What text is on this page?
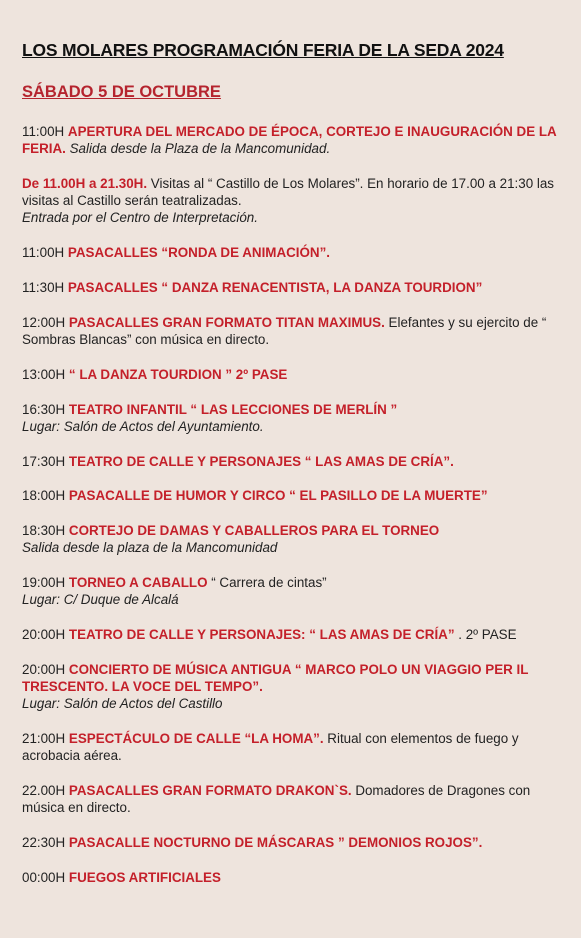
LOS MOLARES PROGRAMACIÓN FERIA DE LA SEDA 2024
SÁBADO 5 DE OCTUBRE
11:00H APERTURA DEL MERCADO DE ÉPOCA, CORTEJO E INAUGURACIÓN DE LA FERIA. Salida desde la Plaza de la Mancomunidad.
De 11.00H a 21.30H. Visitas al “ Castillo de Los Molares”. En horario de 17.00 a 21:30 las visitas al Castillo serán teatralizadas.
Entrada por el Centro de Interpretación.
11:00H PASACALLES “RONDA DE ANIMACIÓN”.
11:30H PASACALLES “ DANZA RENACENTISTA, LA DANZA TOURDION”
12:00H PASACALLES GRAN FORMATO TITAN MAXIMUS. Elefantes y su ejercito de “ Sombras Blancas” con música en directo.
13:00H “ LA DANZA TOURDION ” 2º PASE
16:30H TEATRO INFANTIL “ LAS LECCIONES DE MERLÍN ”
Lugar: Salón de Actos del Ayuntamiento.
17:30H TEATRO DE CALLE Y PERSONAJES “ LAS AMAS DE CRÍA”.
18:00H PASACALLE DE HUMOR Y CIRCO “ EL PASILLO DE LA MUERTE”
18:30H CORTEJO DE DAMAS Y CABALLEROS PARA EL TORNEO
Salida desde la plaza de la Mancomunidad
19:00H TORNEO A CABALLO “ Carrera de cintas”
Lugar: C/ Duque de Alcalá
20:00H TEATRO DE CALLE Y PERSONAJES: “ LAS AMAS DE CRÍA” . 2º PASE
20:00H CONCIERTO DE MÚSICA ANTIGUA “ MARCO POLO UN VIAGGIO PER IL TRESCENTO. LA VOCE DEL TEMPO”.
Lugar: Salón de Actos del Castillo
21:00H ESPECTÁCULO DE CALLE “LA HOMA”. Ritual con elementos de fuego y acrobacia aérea.
22.00H PASACALLES GRAN FORMATO DRAKON`S. Domadores de Dragones con música en directo.
22:30H PASACALLE NOCTURNO DE MÁSCARAS ” DEMONIOS ROJOS”.
00:00H FUEGOS ARTIFICIALES
